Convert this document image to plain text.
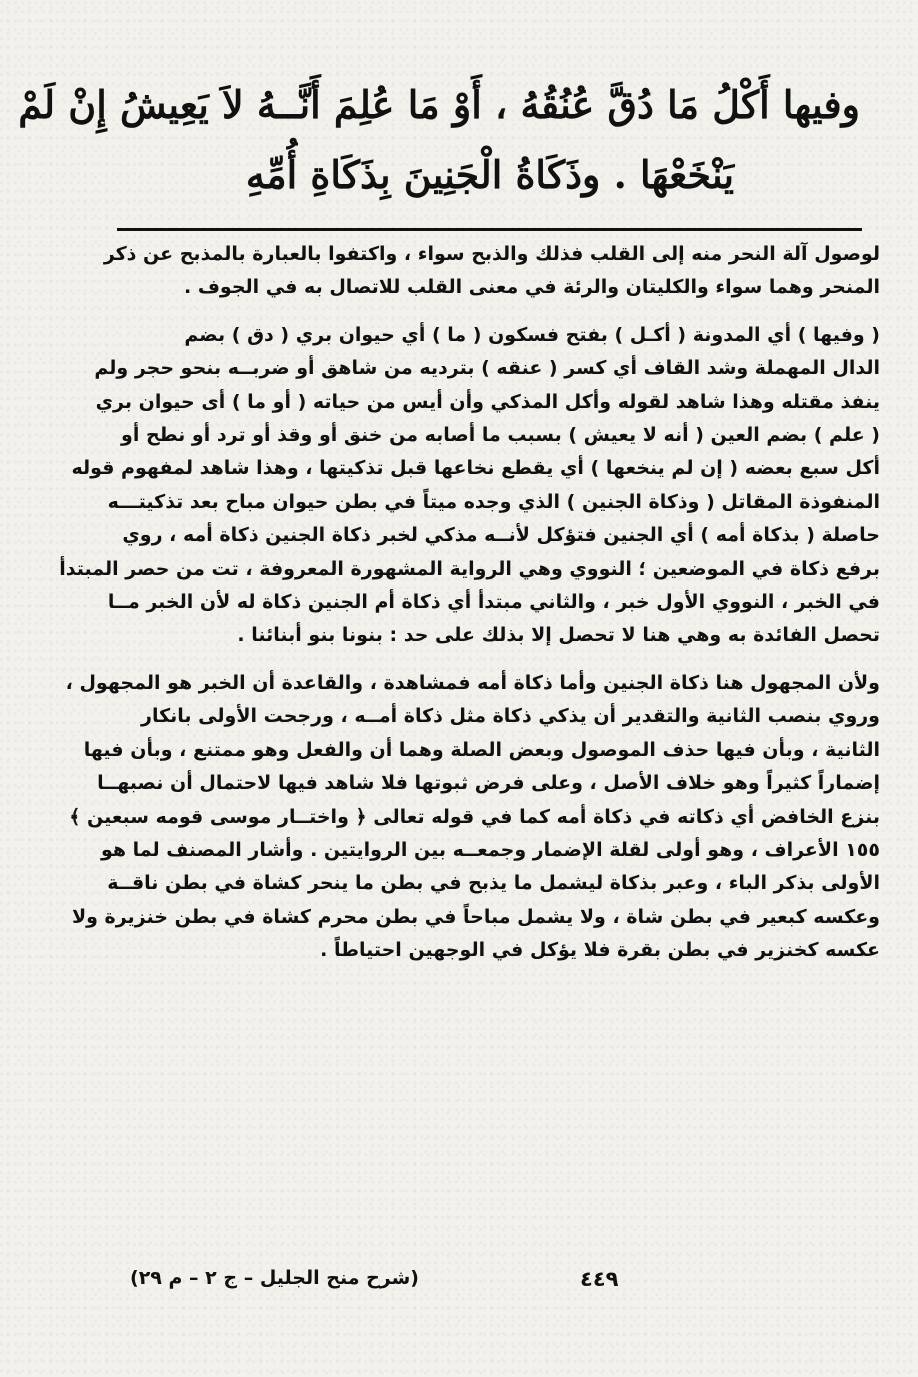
وفيها أَكْلُ مَا دُقَّ عُنُقُهُ ، أَوْ مَا عُلِمَ أَنَّــهُ لاَ يَعِيشُ إِنْ لَمْ
يَنْخَعْهَا . وذَكَاةُ الْجَنِينَ بِذَكَاةِ أُمِّهِ
لوصول آلة النحر منه إلى القلب فذلك والذبح سواء ، واكتفوا بالعبارة بالمذبح عن ذكر
المنحر وهما سواء والكليتان والرئة في معنى القلب للاتصال به في الجوف .
( وفيها ) أي المدونة ( أكـل ) بفتح فسكون ( ما ) أي حيوان بري ( دق ) بضم
الدال المهملة وشد القاف أي كسر ( عنقه ) بترديه من شاهق أو ضربــه بنحو حجر ولم
ينفذ مقتله وهذا شاهد لقوله وأكل المذكي وأن أيس من حياته ( أو ما ) أى حيوان بري
( علم ) بضم العين ( أنه لا يعيش ) بسبب ما أصابه من خنق أو وقذ أو ترد أو نطح أو
أكل سبع بعضه ( إن لم ينخعها ) أي يقطع نخاعها قبل تذكيتها ، وهذا شاهد لمفهوم قوله
المنفوذة المقاتل ( وذكاة الجنين ) الذي وجده ميتاً في بطن حيوان مباح بعد تذكيتـــه
حاصلة ( بذكاة أمه ) أي الجنين فتؤكل لأنــه مذكي لخبر ذكاة الجنين ذكاة أمه ، روي
برفع ذكاة في الموضعين ؛ النووي وهي الرواية المشهورة المعروفة ، تت من حصر المبتدأ
في الخبر ، النووي الأول خبر ، والثاني مبتدأ أي ذكاة أم الجنين ذكاة له لأن الخبر مــا
تحصل الفائدة به وهي هنا لا تحصل إلا بذلك على حد : بنونا بنو أبنائنا .
ولأن المجهول هنا ذكاة الجنين وأما ذكاة أمه فمشاهدة ، والقاعدة أن الخبر هو المجهول ،
وروي بنصب الثانية والتقدير أن يذكي ذكاة مثل ذكاة أمــه ، ورجحت الأولى بانكار
الثانية ، وبأن فيها حذف الموصول وبعض الصلة وهما أن والفعل وهو ممتنع ، وبأن فيها
إضماراً كثيراً وهو خلاف الأصل ، وعلى فرض ثبوتها فلا شاهد فيها لاحتمال أن نصبهــا
بنزع الخافض أي ذكاته في ذكاة أمه كما في قوله تعالى ﴿ واختــار موسى قومه سبعين ﴾
١٥٥ الأعراف ، وهو أولى لقلة الإضمار وجمعــه بين الروايتين . وأشار المصنف لما هو
الأولى بذكر الباء ، وعبر بذكاة ليشمل ما يذبح في بطن ما ينحر كشاة في بطن ناقــة
وعكسه كبعير في بطن شاة ، ولا يشمل مباحاً في بطن محرم كشاة في بطن خنزيرة ولا
عكسه كخنزير في بطن بقرة فلا يؤكل في الوجهين احتياطاً .
٤٤٩
(شرح منح الجليل – ج ٢ – م ٢٩)
